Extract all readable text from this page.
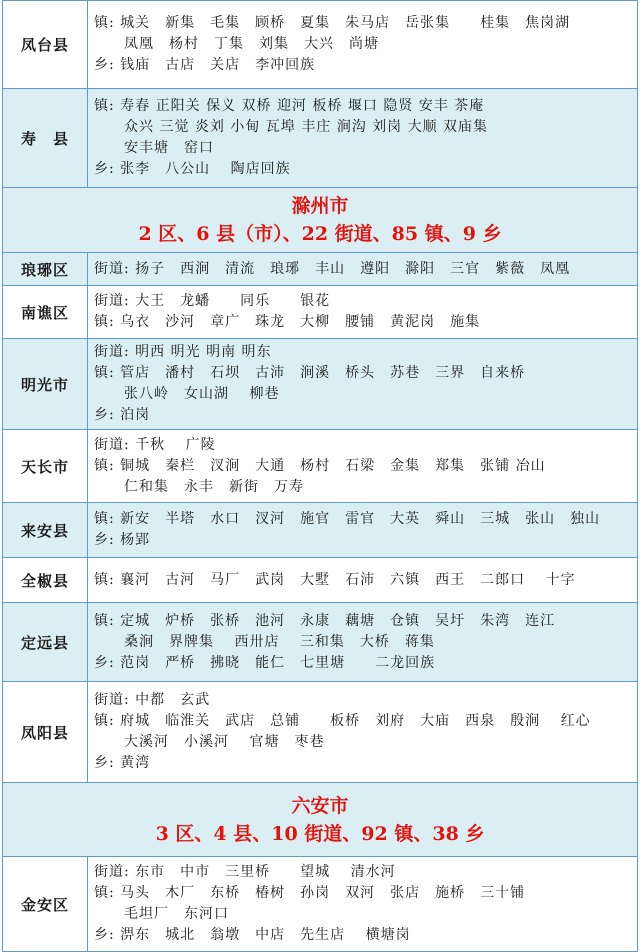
凤台县	镇: 城关　新集　毛集　顾桥　夏集　朱马店　岳张集　　桂集　焦岗湖
凤凰　杨村　丁集　刘集　大兴　尚塘
乡: 钱庙　古店　关店　李冲回族

寿　县	镇: 寿春 正阳关 保义 双桥 迎河 板桥 堰口 隐贤 安丰 茶庵
众兴 三觉 炎刘 小甸 瓦埠 丰庄 涧沟 刘岗 大顺 双庙集
安丰塘　窑口
乡: 张李　八公山　 陶店回族

滁州市
2 区、6 县（市）、22 街道、85 镇、9 乡	

琅琊区	街道: 扬子　西涧　清流　琅琊　丰山　遵阳　滁阳　三官　紫薇　凤凰

南谯区	街道: 大王　龙蟠　　同乐　　银花
镇: 乌衣　沙河　章广　珠龙　大柳　腰铺　黄泥岗　施集

明光市	街道: 明西 明光 明南 明东
镇: 管店　潘村　石坝　古沛　涧溪　桥头　苏巷　三界　自来桥
张八岭　女山湖　 柳巷
乡: 泊岗

天长市	街道: 千秋　 广陵
镇: 铜城　秦栏　汊涧　大通　杨村　石梁　金集　郑集　张铺 冶山
仁和集　永丰　新街　万寿

来安县	镇: 新安　半塔　水口　汊河　施官　雷官　大英　舜山　三城　张山　独山
乡: 杨郢

全椒县	镇: 襄河　古河　马厂　武岗　大墅　石沛　六镇　西王　二郎口　 十字

定远县	镇: 定城　炉桥　张桥　池河　永康　藕塘　仓镇　吴圩　朱湾　连江
桑涧　界牌集　 西卅店　 三和集　大桥　蒋集
乡: 范岗　严桥　拂晓　能仁　七里塘　　二龙回族

凤阳县	街道: 中都　玄武
镇: 府城　临淮关　武店　总铺　　板桥　刘府　大庙　西泉　殷涧　 红心
大溪河　小溪河　 官塘　枣巷
乡: 黄湾

六安市
3 区、4 县、10 街道、92 镇、38 乡	

金安区	街道: 东市　中市　三里桥　　望城　 清水河
镇: 马头　木厂　东桥　椿树　孙岗　双河　张店　施桥　三十铺
毛坦厂　东河口
乡: 淠东　城北　翁墩　中店　先生店　 横塘岗
